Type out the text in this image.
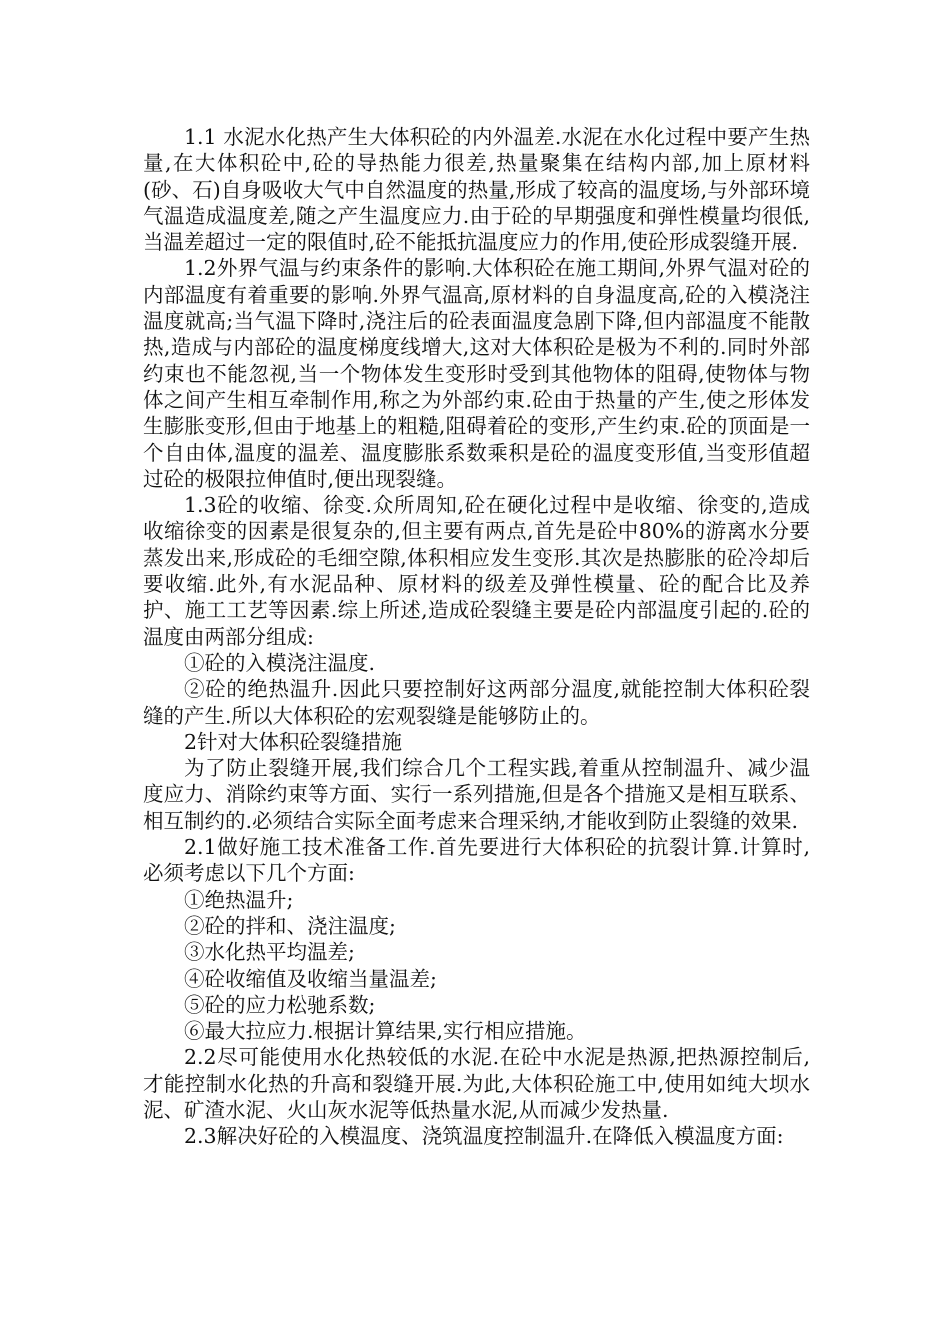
1.1 水泥水化热产生大体积砼的内外温差.水泥在水化过程中要产生热量,在大体积砼中,砼的导热能力很差,热量聚集在结构内部,加上原材料(砂、石)自身吸收大气中自然温度的热量,形成了较高的温度场,与外部环境气温造成温度差,随之产生温度应力.由于砼的早期强度和弹性模量均很低,当温差超过一定的限值时,砼不能抵抗温度应力的作用,使砼形成裂缝开展.

1.2外界气温与约束条件的影响.大体积砼在施工期间,外界气温对砼的内部温度有着重要的影响.外界气温高,原材料的自身温度高,砼的入模浇注温度就高;当气温下降时,浇注后的砼表面温度急剧下降,但内部温度不能散热,造成与内部砼的温度梯度线增大,这对大体积砼是极为不利的.同时外部约束也不能忽视,当一个物体发生变形时受到其他物体的阻碍,使物体与物体之间产生相互牵制作用,称之为外部约束.砼由于热量的产生,使之形体发生膨胀变形,但由于地基上的粗糙,阻碍着砼的变形,产生约束.砼的顶面是一个自由体,温度的温差、温度膨胀系数乘积是砼的温度变形值,当变形值超过砼的极限拉伸值时,便出现裂缝。

1.3砼的收缩、徐变.众所周知,砼在硬化过程中是收缩、徐变的,造成收缩徐变的因素是很复杂的,但主要有两点,首先是砼中80%的游离水分要蒸发出来,形成砼的毛细空隙,体积相应发生变形.其次是热膨胀的砼冷却后要收缩.此外,有水泥品种、原材料的级差及弹性模量、砼的配合比及养护、施工工艺等因素.综上所述,造成砼裂缝主要是砼内部温度引起的.砼的温度由两部分组成:

①砼的入模浇注温度.

②砼的绝热温升.因此只要控制好这两部分温度,就能控制大体积砼裂缝的产生.所以大体积砼的宏观裂缝是能够防止的。

2针对大体积砼裂缝措施

为了防止裂缝开展,我们综合几个工程实践,着重从控制温升、减少温度应力、消除约束等方面、实行一系列措施,但是各个措施又是相互联系、相互制约的.必须结合实际全面考虑来合理采纳,才能收到防止裂缝的效果.

2.1做好施工技术准备工作.首先要进行大体积砼的抗裂计算.计算时,必须考虑以下几个方面:

①绝热温升;

②砼的拌和、浇注温度;

③水化热平均温差;

④砼收缩值及收缩当量温差;

⑤砼的应力松驰系数;

⑥最大拉应力.根据计算结果,实行相应措施。

2.2尽可能使用水化热较低的水泥.在砼中水泥是热源,把热源控制后,才能控制水化热的升高和裂缝开展.为此,大体积砼施工中,使用如纯大坝水泥、矿渣水泥、火山灰水泥等低热量水泥,从而减少发热量.

2.3解决好砼的入模温度、浇筑温度控制温升.在降低入模温度方面:
